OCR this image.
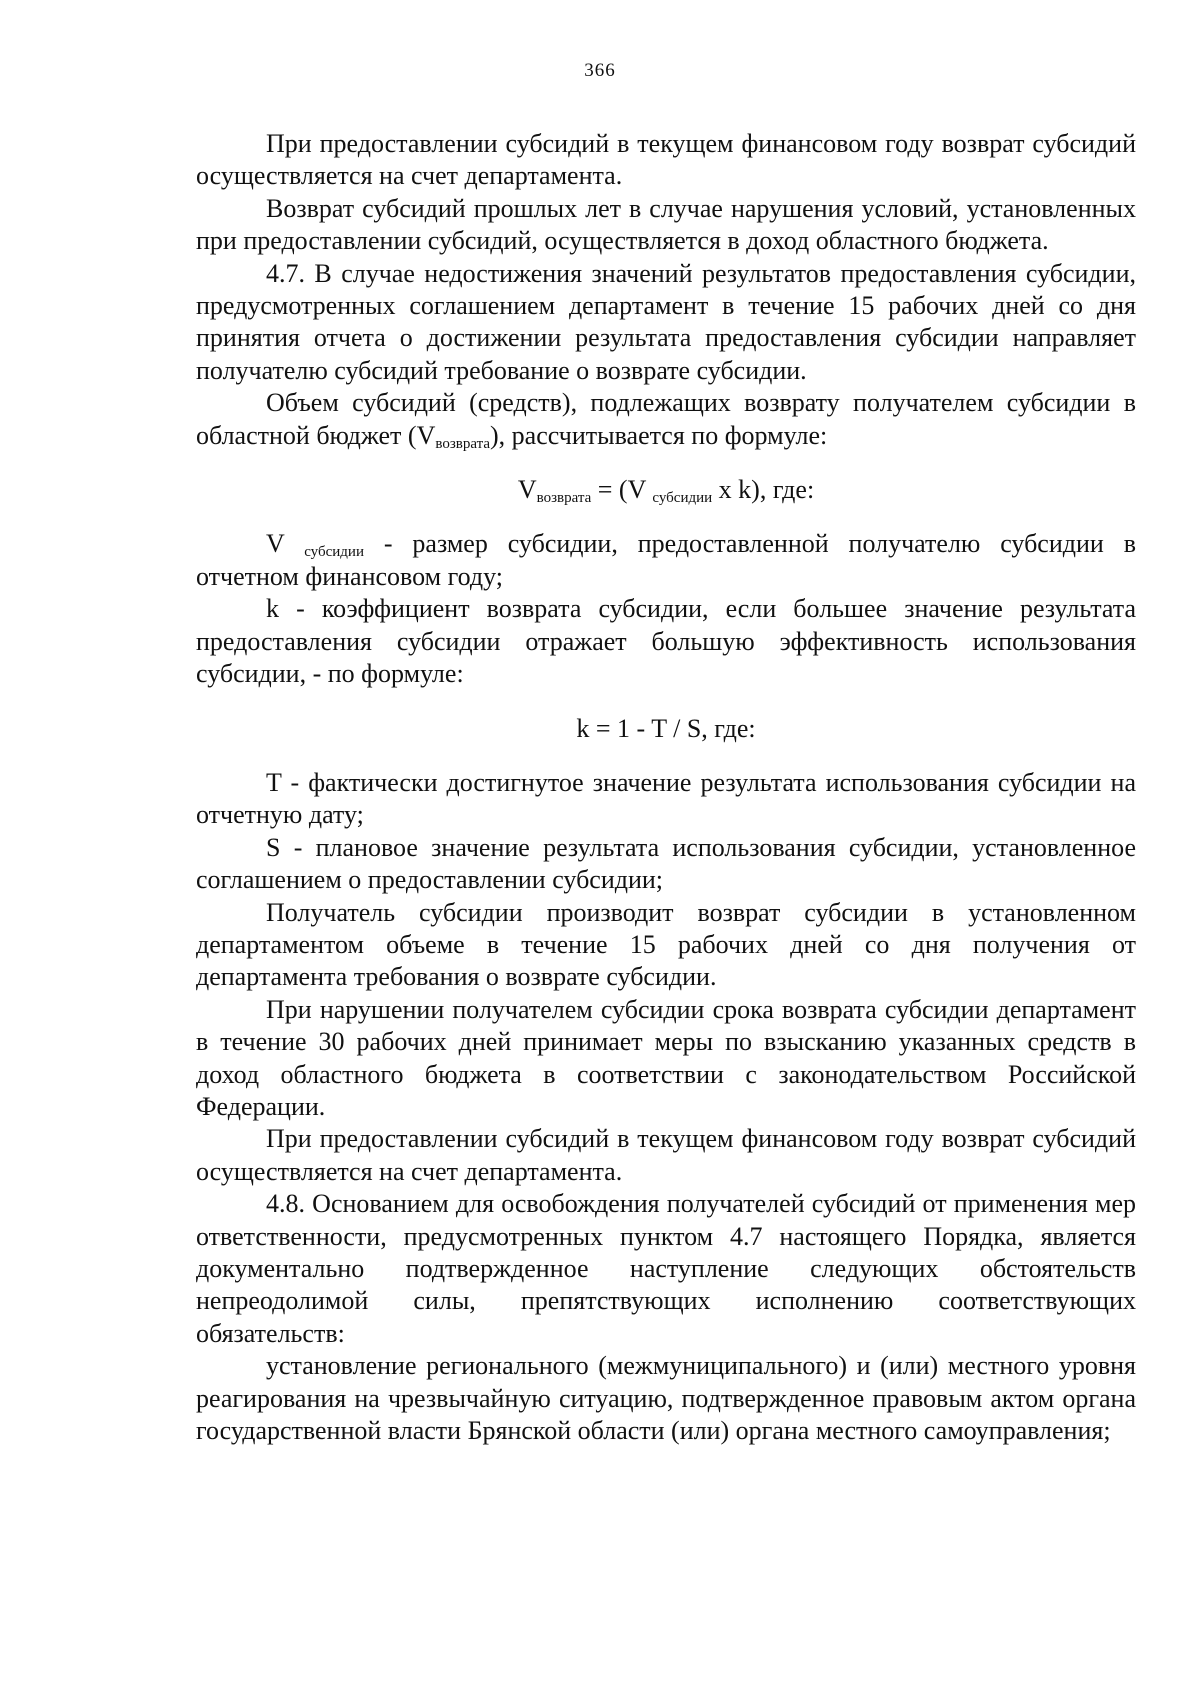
366

При предоставлении субсидий в текущем финансовом году возврат субсидий осуществляется на счет департамента.

Возврат субсидий прошлых лет в случае нарушения условий, установленных при предоставлении субсидий, осуществляется в доход областного бюджета.

4.7. В случае недостижения значений результатов предоставления субсидии, предусмотренных соглашением департамент в течение 15 рабочих дней со дня принятия отчета о достижении результата предоставления субсидии направляет получателю субсидий требование о возврате субсидии.

Объем субсидий (средств), подлежащих возврату получателем субсидии в областной бюджет $(V_{возврата})$, рассчитывается по формуле:

$V_{возврата} = (V$ $_{субсидии}$ x k), где:

V $_{субсидии}$ - размер субсидии, предоставленной получателю субсидии в отчетном финансовом году;

k - коэффициент возврата субсидии, если большее значение результата предоставления субсидии отражает большую эффективность использования субсидии, - по формуле:

k = 1 - T / S, где:

T - фактически достигнутое значение результата использования субсидии на отчетную дату;

S - плановое значение результата использования субсидии, установленное соглашением о предоставлении субсидии;

Получатель субсидии производит возврат субсидии в установленном департаментом объеме в течение 15 рабочих дней со дня получения от департамента требования о возврате субсидии.

При нарушении получателем субсидии срока возврата субсидии департамент в течение 30 рабочих дней принимает меры по взысканию указанных средств в доход областного бюджета в соответствии с законодательством Российской Федерации.

При предоставлении субсидий в текущем финансовом году возврат субсидий осуществляется на счет департамента.

4.8. Основанием для освобождения получателей субсидий от применения мер ответственности, предусмотренных пунктом 4.7 настоящего Порядка, является документально подтвержденное наступление следующих обстоятельств непреодолимой силы, препятствующих исполнению соответствующих обязательств:

установление регионального (межмуниципального) и (или) местного уровня реагирования на чрезвычайную ситуацию, подтвержденное правовым актом органа государственной власти Брянской области (или) органа местного самоуправления;
